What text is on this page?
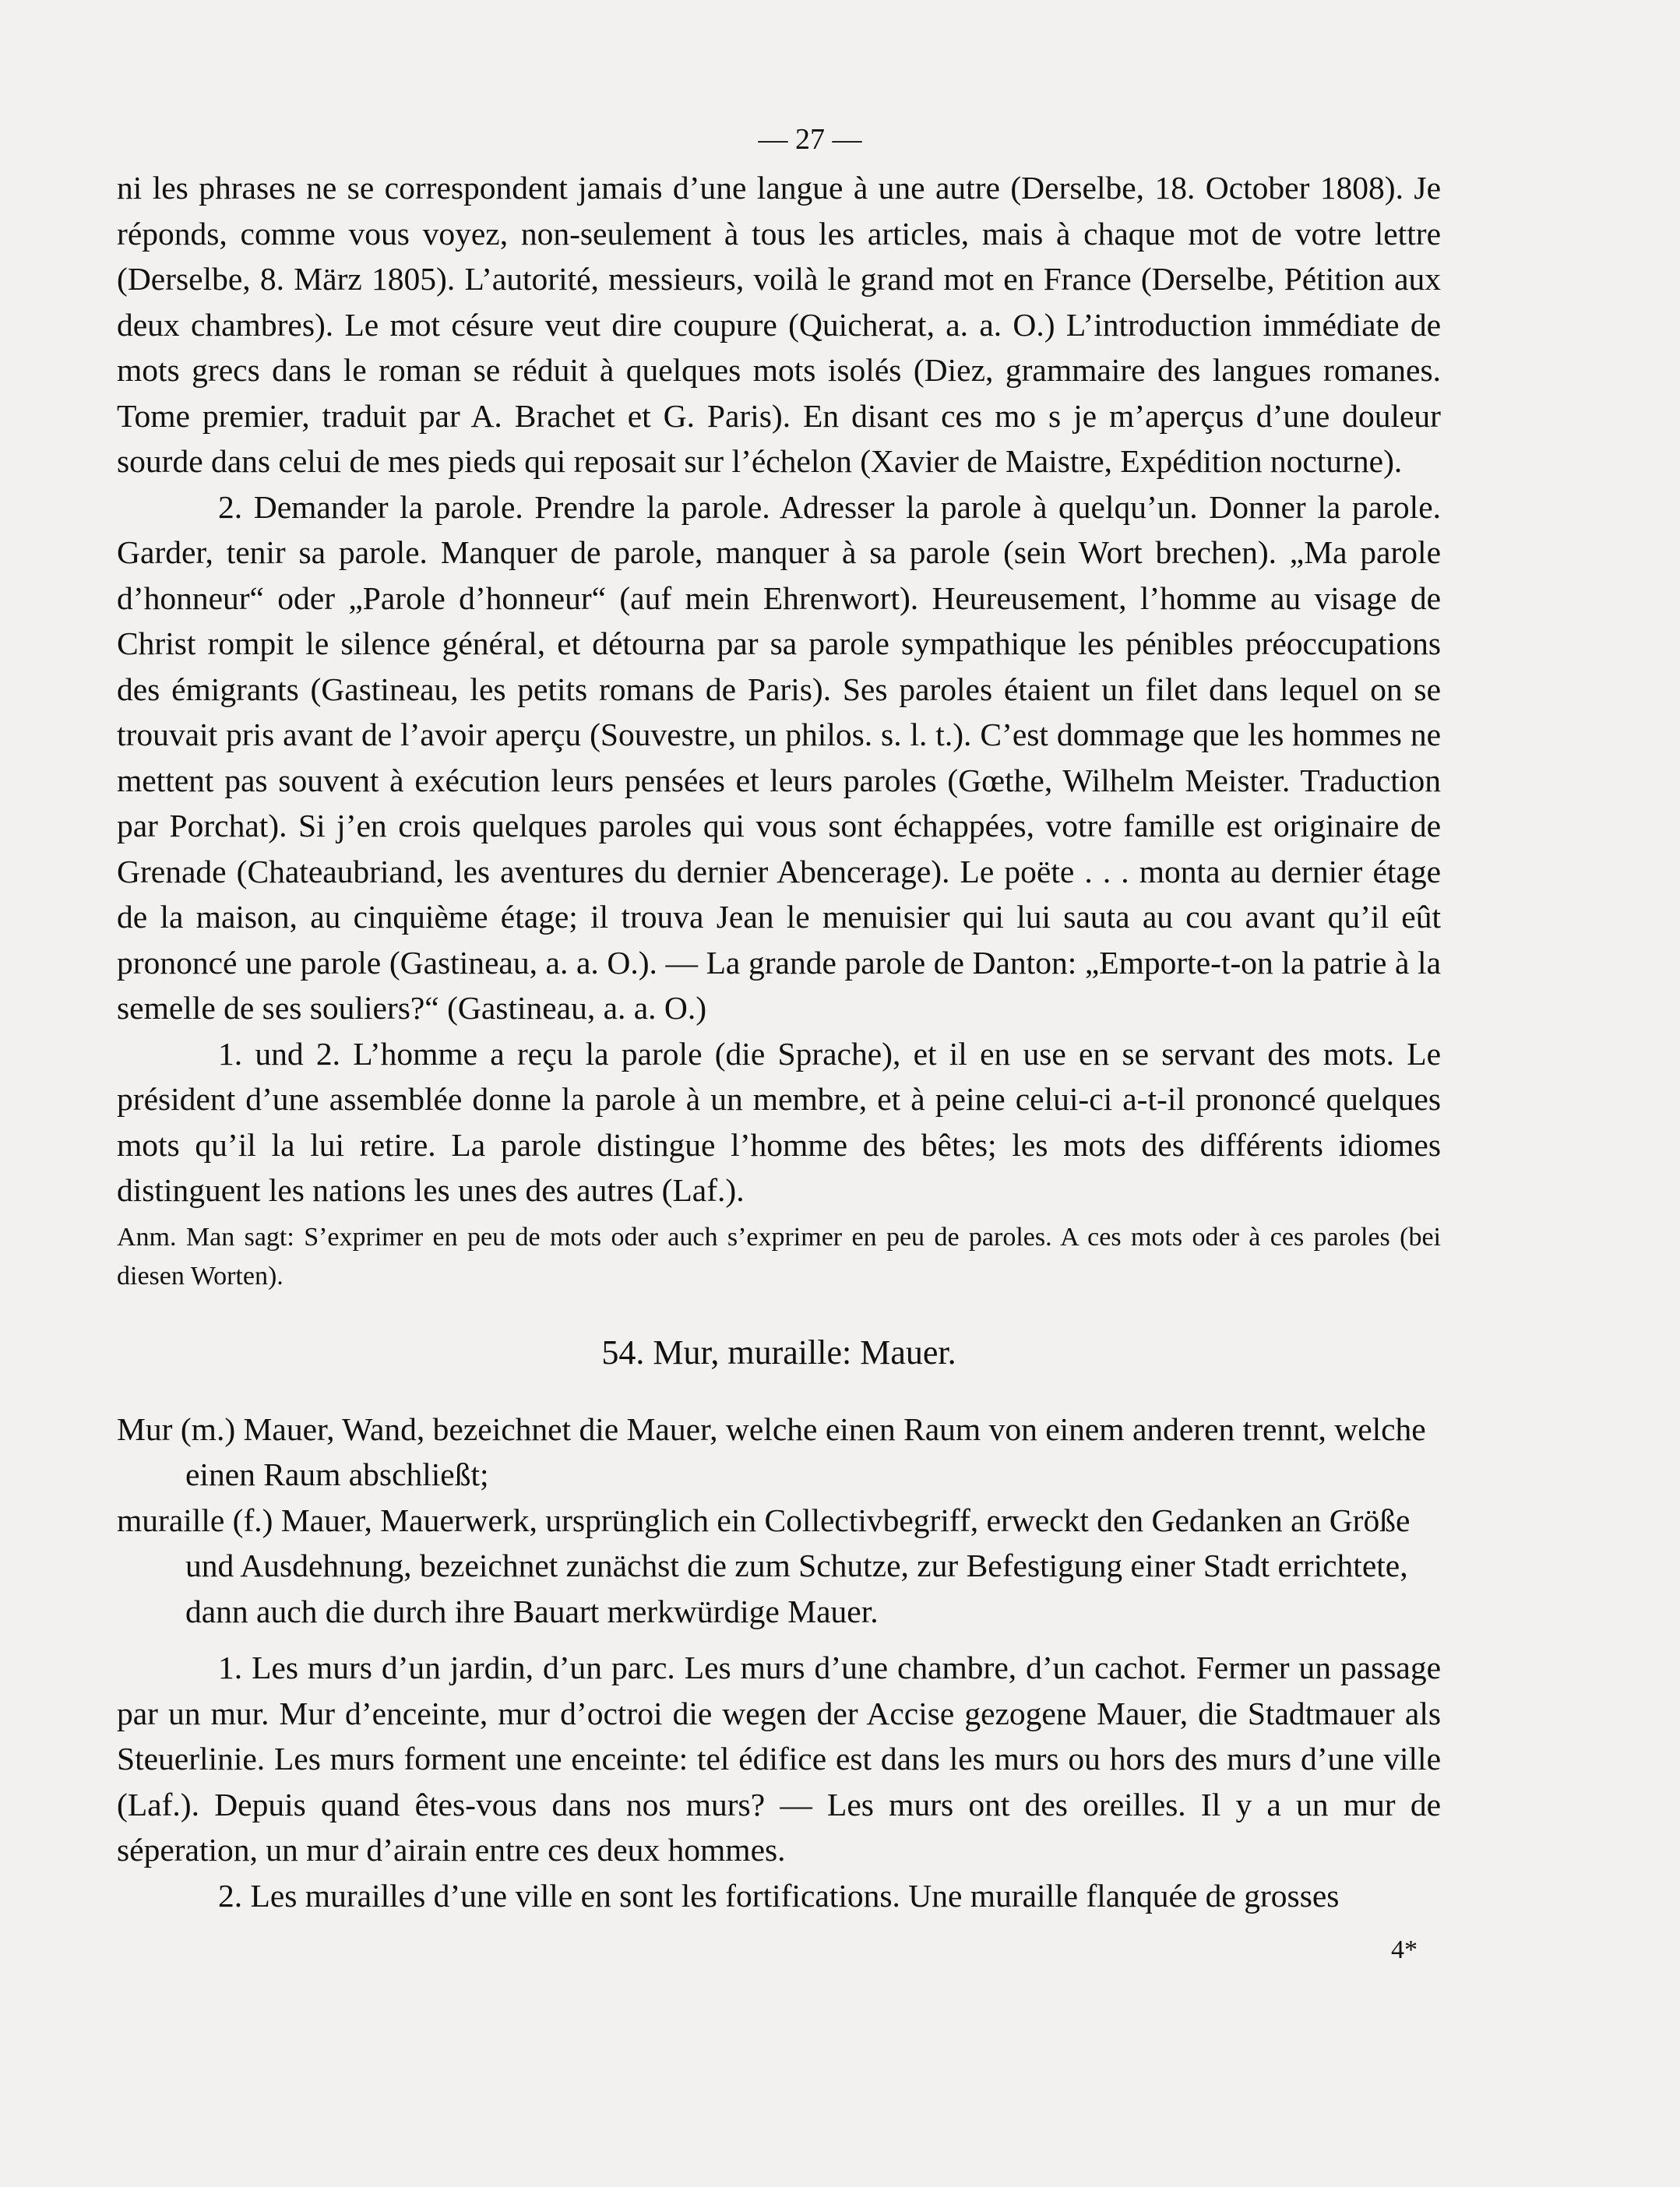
— 27 —

ni les phrases ne se correspondent jamais d’une langue à une autre (Derselbe, 18. October 1808). Je réponds, comme vous voyez, non-seulement à tous les articles, mais à chaque mot de votre lettre (Derselbe, 8. März 1805). L’autorité, messieurs, voilà le grand mot en France (Derselbe, Pétition aux deux chambres). Le mot césure veut dire coupure (Quicherat, a. a. O.) L’introduction immédiate de mots grecs dans le roman se réduit à quelques mots isolés (Diez, grammaire des langues romanes. Tome premier, traduit par A. Brachet et G. Paris). En disant ces mo s je m’aperçus d’une douleur sourde dans celui de mes pieds qui reposait sur l’échelon (Xavier de Maistre, Expédition nocturne).

2. Demander la parole. Prendre la parole. Adresser la parole à quelqu’un. Donner la parole. Garder, tenir sa parole. Manquer de parole, manquer à sa parole (sein Wort brechen). „Ma parole d’honneur“ oder „Parole d’honneur“ (auf mein Ehrenwort). Heureusement, l’homme au visage de Christ rompit le silence général, et détourna par sa parole sympathique les pénibles préoccupations des émigrants (Gastineau, les petits romans de Paris). Ses paroles étaient un filet dans lequel on se trouvait pris avant de l’avoir aperçu (Souvestre, un philos. s. l. t.). C’est dommage que les hommes ne mettent pas souvent à exécution leurs pensées et leurs paroles (Gœthe, Wilhelm Meister. Traduction par Porchat). Si j’en crois quelques paroles qui vous sont échappées, votre famille est originaire de Grenade (Chateaubriand, les aventures du dernier Abencerage). Le poëte . . . monta au dernier étage de la maison, au cinquième étage; il trouva Jean le menuisier qui lui sauta au cou avant qu’il eût prononcé une parole (Gastineau, a. a. O.). — La grande parole de Danton: „Emporte-t-on la patrie à la semelle de ses souliers?“ (Gastineau, a. a. O.)

1. und 2. L’homme a reçu la parole (die Sprache), et il en use en se servant des mots. Le président d’une assemblée donne la parole à un membre, et à peine celui-ci a-t-il prononcé quelques mots qu’il la lui retire. La parole distingue l’homme des bêtes; les mots des différents idiomes distinguent les nations les unes des autres (Laf.).

Anm. Man sagt: S’exprimer en peu de mots oder auch s’exprimer en peu de paroles. A ces mots oder à ces paroles (bei diesen Worten).

54. Mur, muraille: Mauer.

Mur (m.) Mauer, Wand, bezeichnet die Mauer, welche einen Raum von einem anderen trennt, welche einen Raum abschließt;

muraille (f.) Mauer, Mauerwerk, ursprünglich ein Collectivbegriff, erweckt den Gedanken an Größe und Ausdehnung, bezeichnet zunächst die zum Schutze, zur Befestigung einer Stadt errichtete, dann auch die durch ihre Bauart merkwürdige Mauer.

1. Les murs d’un jardin, d’un parc. Les murs d’une chambre, d’un cachot. Fermer un passage par un mur. Mur d’enceinte, mur d’octroi die wegen der Accise gezogene Mauer, die Stadtmauer als Steuerlinie. Les murs forment une enceinte: tel édifice est dans les murs ou hors des murs d’une ville (Laf.). Depuis quand êtes-vous dans nos murs? — Les murs ont des oreilles. Il y a un mur de séperation, un mur d’airain entre ces deux hommes.

2. Les murailles d’une ville en sont les fortifications. Une muraille flanquée de grosses

4*
